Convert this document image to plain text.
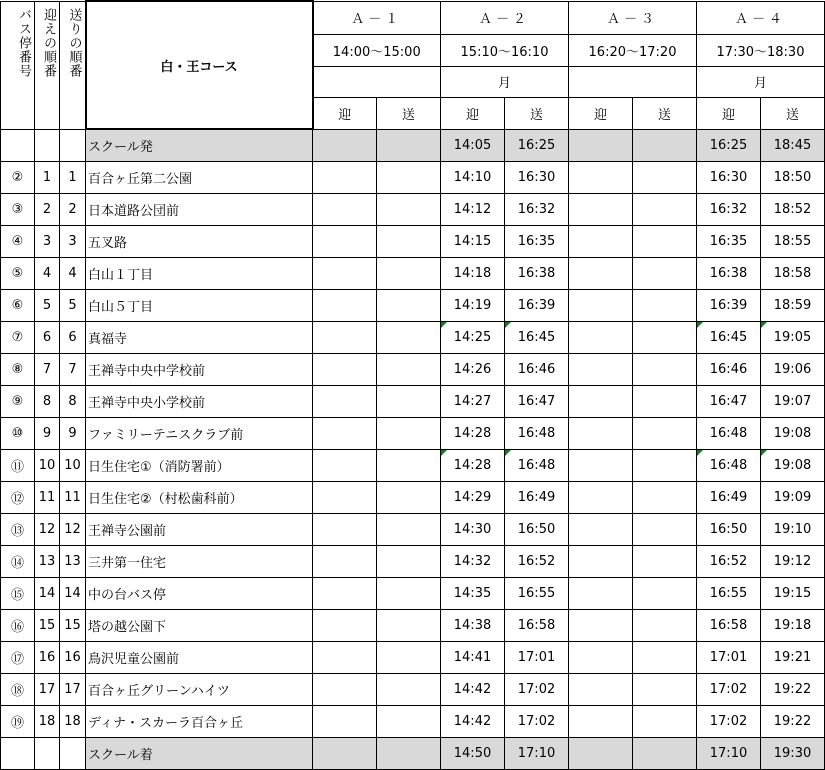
バス停番号	迎えの順番	送りの順番	白・王コース	Ａ－１		Ａ－２		Ａ－３		Ａ－４	
				14:00～15:00		15:10～16:10		16:20～17:20		17:30～18:30	
						月				月	
				迎	送	迎	送	迎	送	迎	送
			スクール発			14:05	16:25			16:25	18:45
②	1	1	百合ヶ丘第二公園			14:10	16:30			16:30	18:50
③	2	2	日本道路公団前			14:12	16:32			16:32	18:52
④	3	3	五叉路			14:15	16:35			16:35	18:55
⑤	4	4	白山１丁目			14:18	16:38			16:38	18:58
⑥	5	5	白山５丁目			14:19	16:39			16:39	18:59
⑦	6	6	真福寺			14:25	16:45			16:45	19:05
⑧	7	7	王禅寺中央中学校前			14:26	16:46			16:46	19:06
⑨	8	8	王禅寺中央小学校前			14:27	16:47			16:47	19:07
⑩	9	9	ファミリーテニスクラブ前			14:28	16:48			16:48	19:08
⑪	10	10	日生住宅①（消防署前）			14:28	16:48			16:48	19:08
⑫	11	11	日生住宅②（村松歯科前）			14:29	16:49			16:49	19:09
⑬	12	12	王禅寺公園前			14:30	16:50			16:50	19:10
⑭	13	13	三井第一住宅			14:32	16:52			16:52	19:12
⑮	14	14	中の台バス停			14:35	16:55			16:55	19:15
⑯	15	15	塔の越公園下			14:38	16:58			16:58	19:18
⑰	16	16	鳥沢児童公園前			14:41	17:01			17:01	19:21
⑱	17	17	百合ヶ丘グリーンハイツ			14:42	17:02			17:02	19:22
⑲	18	18	ディナ・スカーラ百合ヶ丘			14:42	17:02			17:02	19:22
			スクール着			14:50	17:10			17:10	19:30
